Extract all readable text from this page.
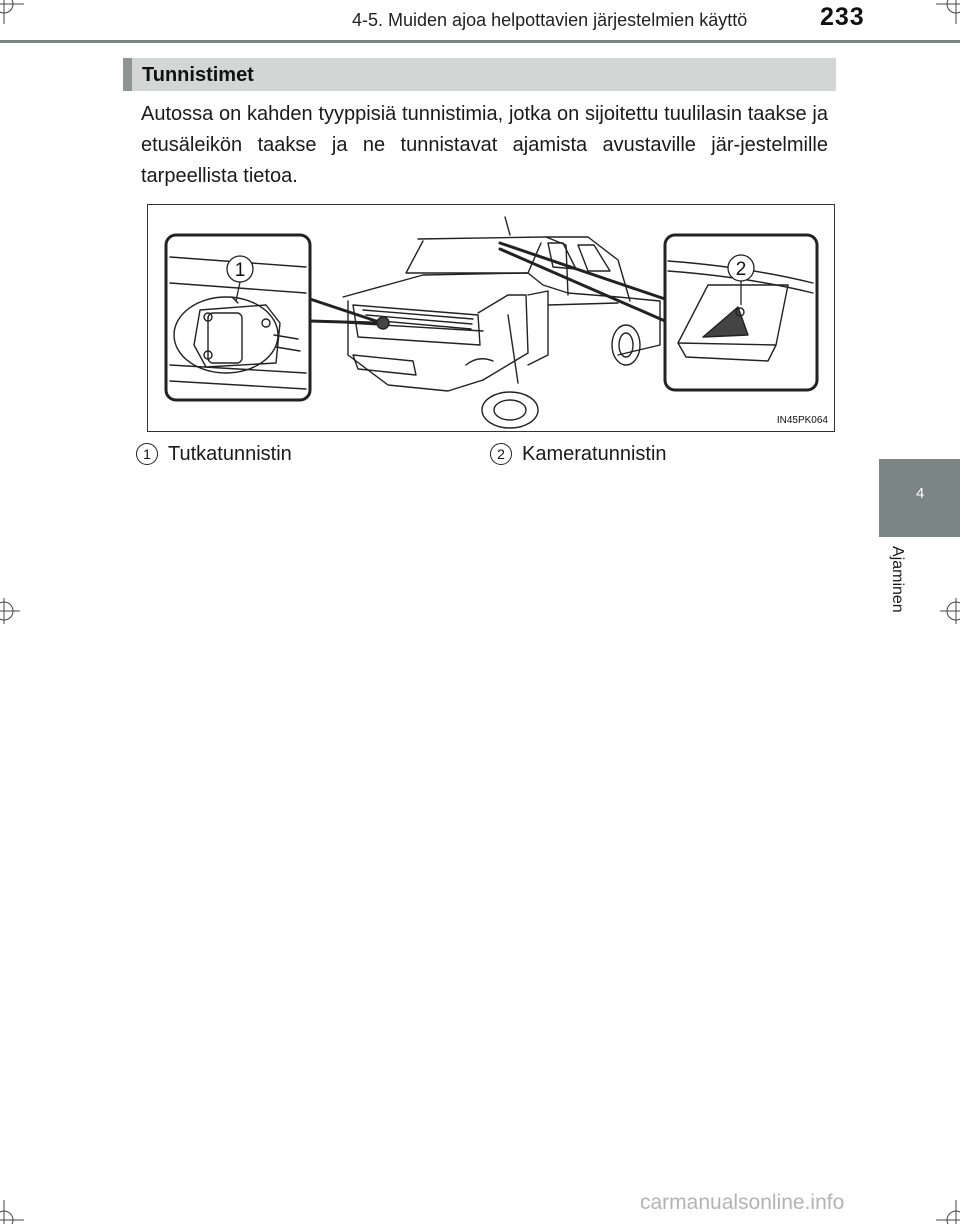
4-5. Muiden ajoa helpottavien järjestelmien käyttö	233
Tunnistimet
Autossa on kahden tyyppisiä tunnistimia, jotka on sijoitettu tuulilasin taakse ja etusäleikön taakse ja ne tunnistavat ajamista avustaville jär-jestelmille tarpeellista tietoa.
1	2
IN45PK064
1 Tutkatunnistin	2 Kameratunnistin
4
Ajaminen
carmanualsonline.info
